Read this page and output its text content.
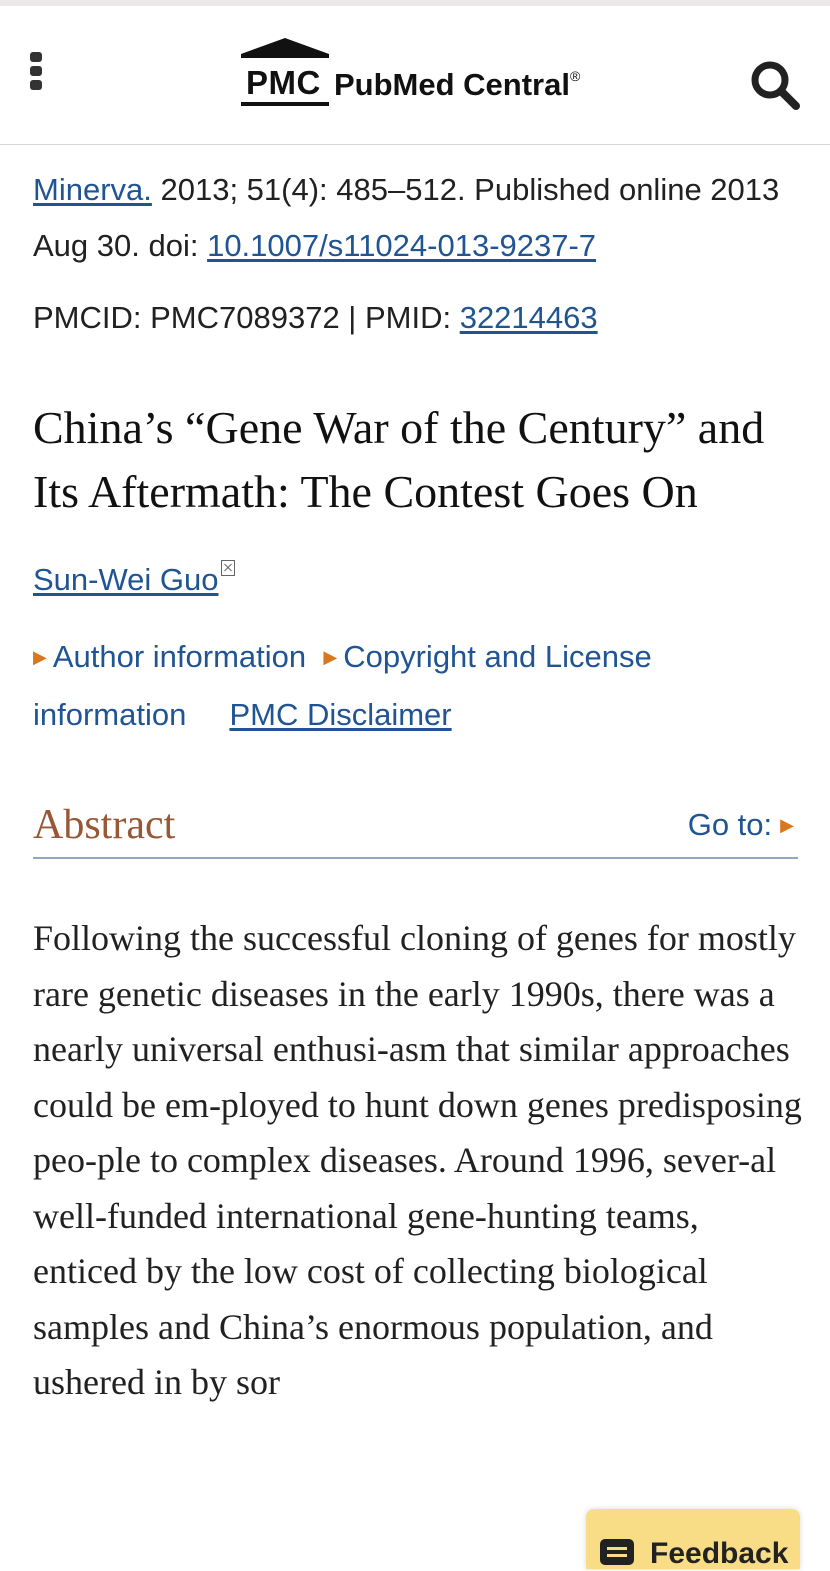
PMC PubMed Central®
Minerva. 2013; 51(4): 485–512. Published online 2013 Aug 30. doi: 10.1007/s11024-013-9237-7
PMCID: PMC7089372 | PMID: 32214463
China’s “Gene War of the Century” and Its Aftermath: The Contest Goes On
Sun-Wei Guo
▶ Author information ▶ Copyright and License information PMC Disclaimer
Abstract	Go to: ▶

Following the successful cloning of genes for mostly rare genetic diseases in the early 1990s, there was a nearly universal enthusi-asm that similar approaches could be em-ployed to hunt down genes predisposing peo-ple to complex diseases. Around 1996, sever-al well-funded international gene-hunting teams, enticed by the low cost of collecting biological samples and China’s enormous population, and ushered in by sor

Feedback
